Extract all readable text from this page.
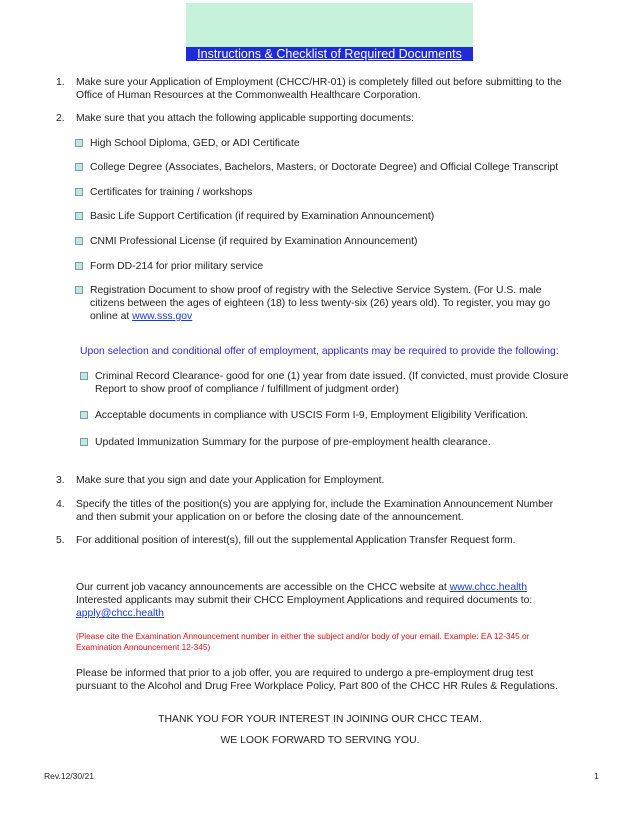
Instructions & Checklist of Required Documents
1. Make sure your Application of Employment (CHCC/HR-01) is completely filled out before submitting to the Office of Human Resources at the Commonwealth Healthcare Corporation.
2. Make sure that you attach the following applicable supporting documents:
High School Diploma, GED, or ADI Certificate
College Degree (Associates, Bachelors, Masters, or Doctorate Degree) and Official College Transcript
Certificates for training / workshops
Basic Life Support Certification (if required by Examination Announcement)
CNMI Professional License (if required by Examination Announcement)
Form DD-214 for prior military service
Registration Document to show proof of registry with the Selective Service System. (For U.S. male citizens between the ages of eighteen (18) to less twenty-six (26) years old). To register, you may go online at www.sss.gov
Upon selection and conditional offer of employment, applicants may be required to provide the following:
Criminal Record Clearance- good for one (1) year from date issued. (If convicted, must provide Closure Report to show proof of compliance / fulfillment of judgment order)
Acceptable documents in compliance with USCIS Form I-9, Employment Eligibility Verification.
Updated Immunization Summary for the purpose of pre-employment health clearance.
3. Make sure that you sign and date your Application for Employment.
4. Specify the titles of the position(s) you are applying for, include the Examination Announcement Number and then submit your application on or before the closing date of the announcement.
5. For additional position of interest(s), fill out the supplemental Application Transfer Request form.
Our current job vacancy announcements are accessible on the CHCC website at www.chcc.health
Interested applicants may submit their CHCC Employment Applications and required documents to: apply@chcc.health
(Please cite the Examination Announcement number in either the subject and/or body of your email. Example: EA 12-345 or Examination Announcement 12-345)
Please be informed that prior to a job offer, you are required to undergo a pre-employment drug test pursuant to the Alcohol and Drug Free Workplace Policy, Part 800 of the CHCC HR Rules & Regulations.
THANK YOU FOR YOUR INTEREST IN JOINING OUR CHCC TEAM.
WE LOOK FORWARD TO SERVING YOU.
Rev.12/30/21	1
